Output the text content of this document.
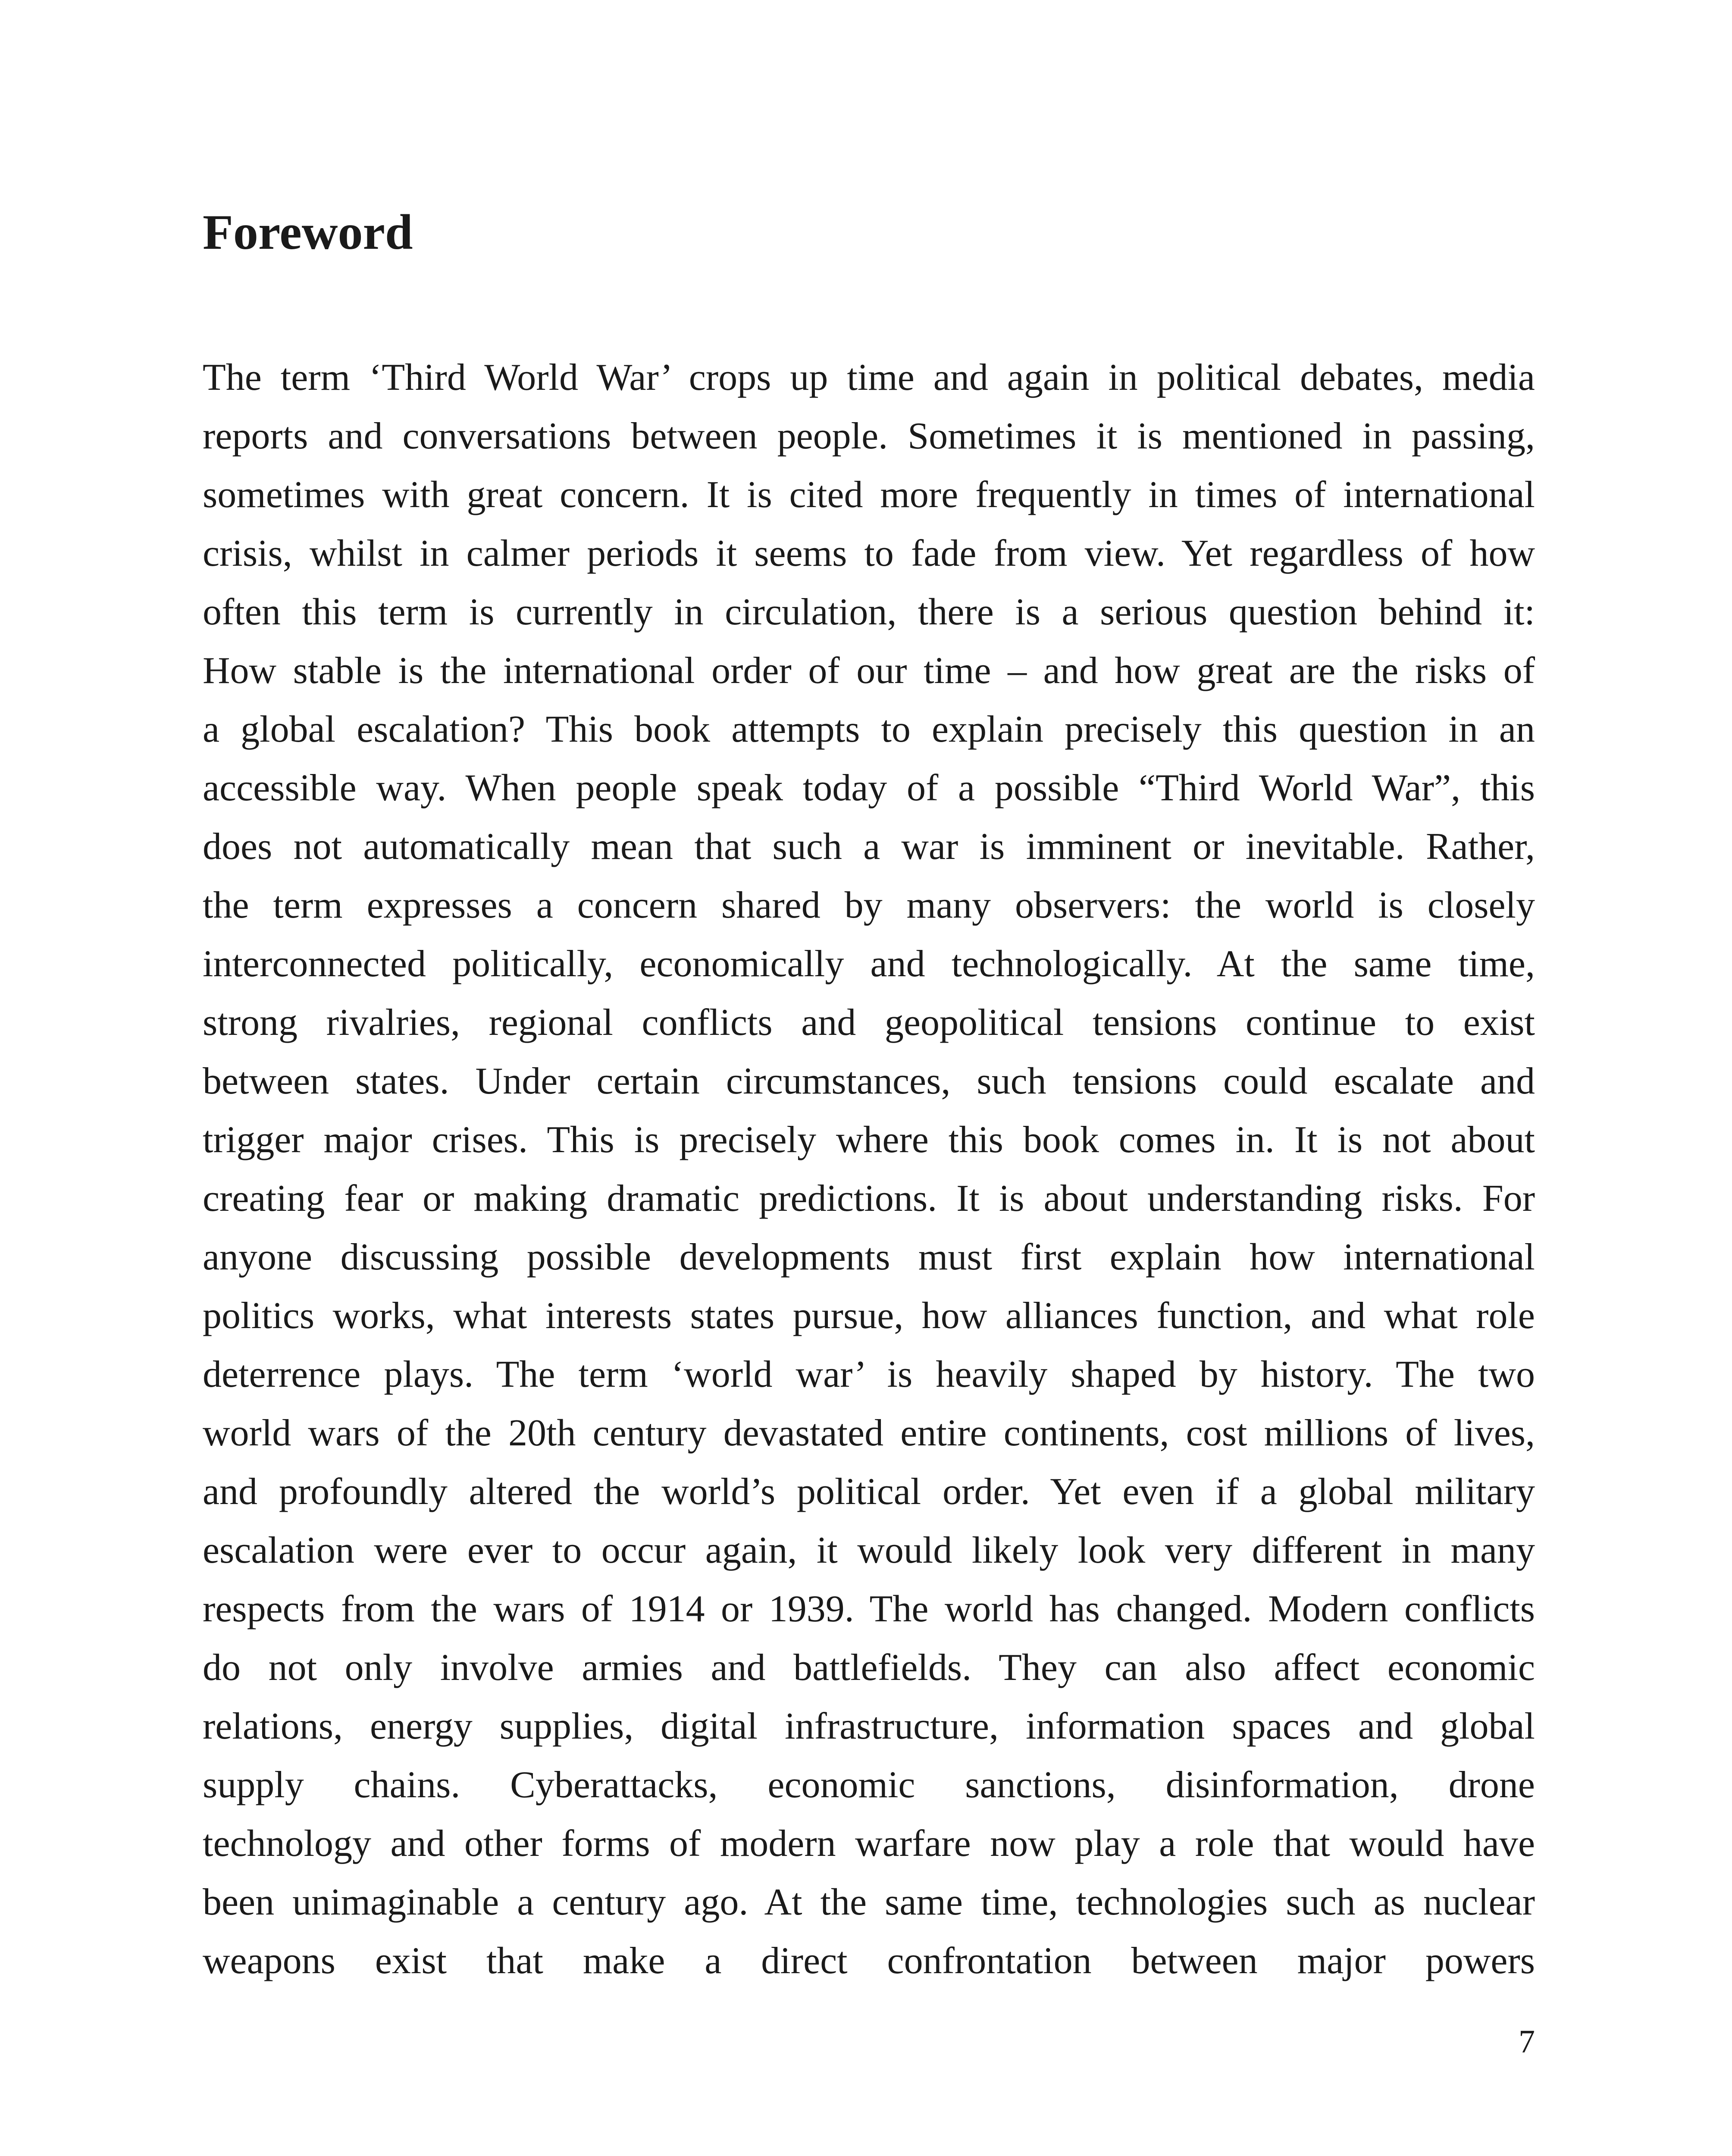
Foreword
The term ‘Third World War’ crops up time and again in political debates, media
reports and conversations between people. Sometimes it is mentioned in passing,
sometimes with great concern. It is cited more frequently in times of international
crisis, whilst in calmer periods it seems to fade from view. Yet regardless of how
often this term is currently in circulation, there is a serious question behind it:
How stable is the international order of our time – and how great are the risks of
a global escalation? This book attempts to explain precisely this question in an
accessible way. When people speak today of a possible “Third World War”, this
does not automatically mean that such a war is imminent or inevitable. Rather,
the term expresses a concern shared by many observers: the world is closely
interconnected politically, economically and technologically. At the same time,
strong rivalries, regional conflicts and geopolitical tensions continue to exist
between states. Under certain circumstances, such tensions could escalate and
trigger major crises. This is precisely where this book comes in. It is not about
creating fear or making dramatic predictions. It is about understanding risks. For
anyone discussing possible developments must first explain how international
politics works, what interests states pursue, how alliances function, and what role
deterrence plays. The term ‘world war’ is heavily shaped by history. The two
world wars of the 20th century devastated entire continents, cost millions of lives,
and profoundly altered the world’s political order. Yet even if a global military
escalation were ever to occur again, it would likely look very different in many
respects from the wars of 1914 or 1939. The world has changed. Modern conflicts
do not only involve armies and battlefields. They can also affect economic
relations, energy supplies, digital infrastructure, information spaces and global
supply chains. Cyberattacks, economic sanctions, disinformation, drone
technology and other forms of modern warfare now play a role that would have
been unimaginable a century ago. At the same time, technologies such as nuclear
weapons exist that make a direct confrontation between major powers
7
